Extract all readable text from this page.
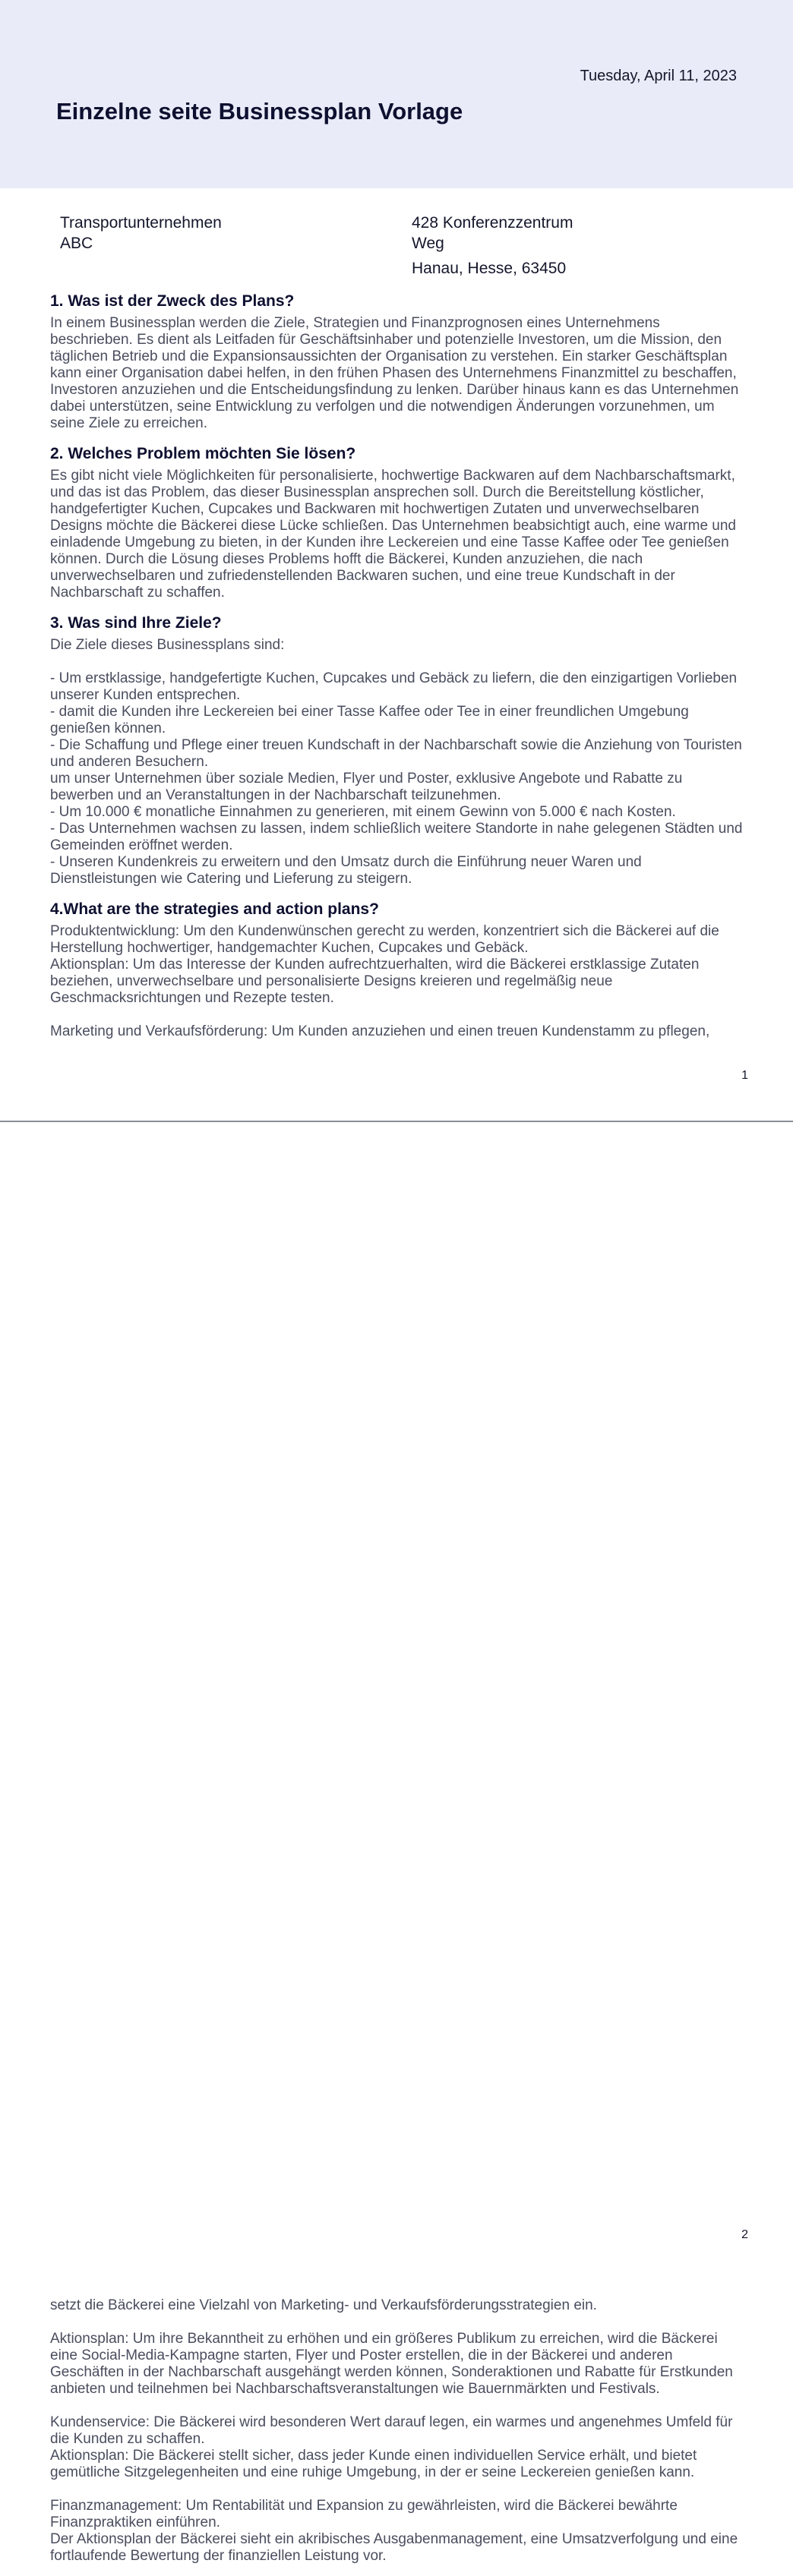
Tuesday, April 11, 2023
Einzelne seite Businessplan Vorlage
Transportunternehmen ABC
428 Konferenzzentrum Weg
Hanau, Hesse, 63450
1. Was ist der Zweck des Plans?

In einem Businessplan werden die Ziele, Strategien und Finanzprognosen eines Unternehmens beschrieben. Es dient als Leitfaden für Geschäftsinhaber und potenzielle Investoren, um die Mission, den täglichen Betrieb und die Expansionsaussichten der Organisation zu verstehen. Ein starker Geschäftsplan kann einer Organisation dabei helfen, in den frühen Phasen des Unternehmens Finanzmittel zu beschaffen, Investoren anzuziehen und die Entscheidungsfindung zu lenken. Darüber hinaus kann es das Unternehmen dabei unterstützen, seine Entwicklung zu verfolgen und die notwendigen Änderungen vorzunehmen, um seine Ziele zu erreichen.

2. Welches Problem möchten Sie lösen?

Es gibt nicht viele Möglichkeiten für personalisierte, hochwertige Backwaren auf dem Nachbarschaftsmarkt, und das ist das Problem, das dieser Businessplan ansprechen soll. Durch die Bereitstellung köstlicher, handgefertigter Kuchen, Cupcakes und Backwaren mit hochwertigen Zutaten und unverwechselbaren Designs möchte die Bäckerei diese Lücke schließen. Das Unternehmen beabsichtigt auch, eine warme und einladende Umgebung zu bieten, in der Kunden ihre Leckereien und eine Tasse Kaffee oder Tee genießen können. Durch die Lösung dieses Problems hofft die Bäckerei, Kunden anzuziehen, die nach unverwechselbaren und zufriedenstellenden Backwaren suchen, und eine treue Kundschaft in der Nachbarschaft zu schaffen.

3. Was sind Ihre Ziele?

Die Ziele dieses Businessplans sind:

- Um erstklassige, handgefertigte Kuchen, Cupcakes und Gebäck zu liefern, die den einzigartigen Vorlieben unserer Kunden entsprechen.
- damit die Kunden ihre Leckereien bei einer Tasse Kaffee oder Tee in einer freundlichen Umgebung genießen können.
- Die Schaffung und Pflege einer treuen Kundschaft in der Nachbarschaft sowie die Anziehung von Touristen und anderen Besuchern.
um unser Unternehmen über soziale Medien, Flyer und Poster, exklusive Angebote und Rabatte zu bewerben und an Veranstaltungen in der Nachbarschaft teilzunehmen.
- Um 10.000 € monatliche Einnahmen zu generieren, mit einem Gewinn von 5.000 € nach Kosten.
- Das Unternehmen wachsen zu lassen, indem schließlich weitere Standorte in nahe gelegenen Städten und Gemeinden eröffnet werden.
- Unseren Kundenkreis zu erweitern und den Umsatz durch die Einführung neuer Waren und Dienstleistungen wie Catering und Lieferung zu steigern.

4.What are the strategies and action plans?

Produktentwicklung: Um den Kundenwünschen gerecht zu werden, konzentriert sich die Bäckerei auf die Herstellung hochwertiger, handgemachter Kuchen, Cupcakes und Gebäck.
Aktionsplan: Um das Interesse der Kunden aufrechtzuerhalten, wird die Bäckerei erstklassige Zutaten beziehen, unverwechselbare und personalisierte Designs kreieren und regelmäßig neue Geschmacksrichtungen und Rezepte testen.

Marketing und Verkaufsförderung: Um Kunden anzuziehen und einen treuen Kundenstamm zu pflegen,

1

setzt die Bäckerei eine Vielzahl von Marketing- und Verkaufsförderungsstrategien ein.

Aktionsplan: Um ihre Bekanntheit zu erhöhen und ein größeres Publikum zu erreichen, wird die Bäckerei eine Social-Media-Kampagne starten, Flyer und Poster erstellen, die in der Bäckerei und anderen Geschäften in der Nachbarschaft ausgehängt werden können, Sonderaktionen und Rabatte für Erstkunden anbieten und teilnehmen bei Nachbarschaftsveranstaltungen wie Bauernmärkten und Festivals.

Kundenservice: Die Bäckerei wird besonderen Wert darauf legen, ein warmes und angenehmes Umfeld für die Kunden zu schaffen.
Aktionsplan: Die Bäckerei stellt sicher, dass jeder Kunde einen individuellen Service erhält, und bietet gemütliche Sitzgelegenheiten und eine ruhige Umgebung, in der er seine Leckereien genießen kann.

Finanzmanagement: Um Rentabilität und Expansion zu gewährleisten, wird die Bäckerei bewährte Finanzpraktiken einführen.
Der Aktionsplan der Bäckerei sieht ein akribisches Ausgabenmanagement, eine Umsatzverfolgung und eine fortlaufende Bewertung der finanziellen Leistung vor.

2
